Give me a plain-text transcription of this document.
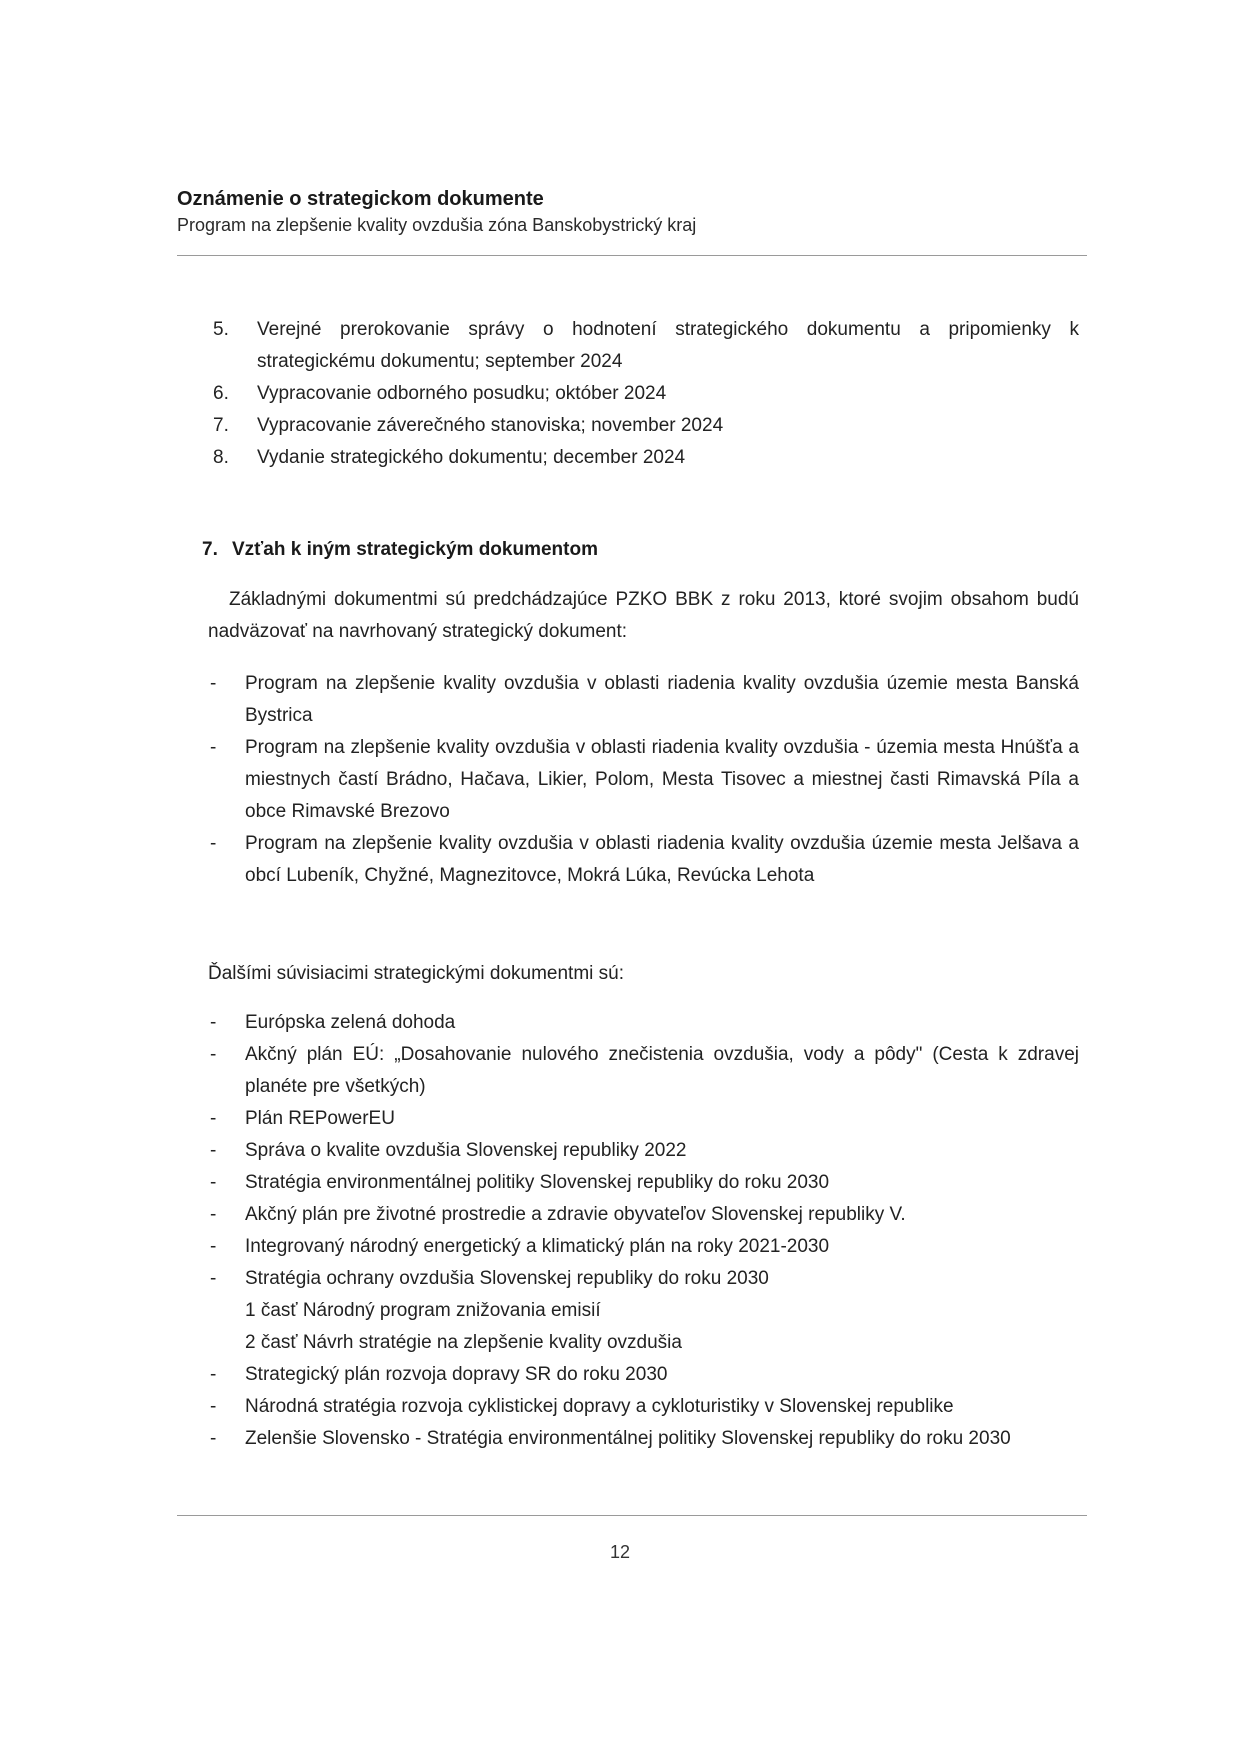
Oznámenie o strategickom dokumente
Program na zlepšenie kvality ovzdušia zóna Banskobystrický kraj
5.	Verejné prerokovanie správy o hodnotení strategického dokumentu a pripomienky k strategickému dokumentu; september 2024
6.	Vypracovanie odborného posudku; október 2024
7.	Vypracovanie záverečného stanoviska; november 2024
8.	Vydanie strategického dokumentu; december 2024
7. Vzťah k iným strategickým dokumentom
Základnými dokumentmi sú predchádzajúce PZKO BBK z roku 2013, ktoré svojim obsahom budú nadväzovať na navrhovaný strategický dokument:
-	Program na zlepšenie kvality ovzdušia v oblasti riadenia kvality ovzdušia územie mesta Banská Bystrica
-	Program na zlepšenie kvality ovzdušia v oblasti riadenia kvality ovzdušia - územia mesta Hnúšťa a miestnych častí Brádno, Hačava, Likier, Polom, Mesta Tisovec a miestnej časti Rimavská Píla a obce Rimavské Brezovo
-	Program na zlepšenie kvality ovzdušia v oblasti riadenia kvality ovzdušia územie mesta Jelšava a obcí Lubeník, Chyžné, Magnezitovce, Mokrá Lúka, Revúcka Lehota
Ďalšími súvisiacimi strategickými dokumentmi sú:
-	Európska zelená dohoda
-	Akčný plán EÚ: „Dosahovanie nulového znečistenia ovzdušia, vody a pôdy" (Cesta k zdravej planéte pre všetkých)
-	Plán REPowerEU
-	Správa o kvalite ovzdušia Slovenskej republiky 2022
-	Stratégia environmentálnej politiky Slovenskej republiky do roku 2030
-	Akčný plán pre životné prostredie a zdravie obyvateľov Slovenskej republiky V.
-	Integrovaný národný energetický a klimatický plán na roky 2021-2030
-	Stratégia ochrany ovzdušia Slovenskej republiky do roku 2030
1 časť Národný program znižovania emisií
2 časť Návrh stratégie na zlepšenie kvality ovzdušia
-	Strategický plán rozvoja dopravy SR do roku 2030
-	Národná stratégia rozvoja cyklistickej dopravy a cykloturistiky v Slovenskej republike
-	Zelenšie Slovensko - Stratégia environmentálnej politiky Slovenskej republiky do roku 2030
12
